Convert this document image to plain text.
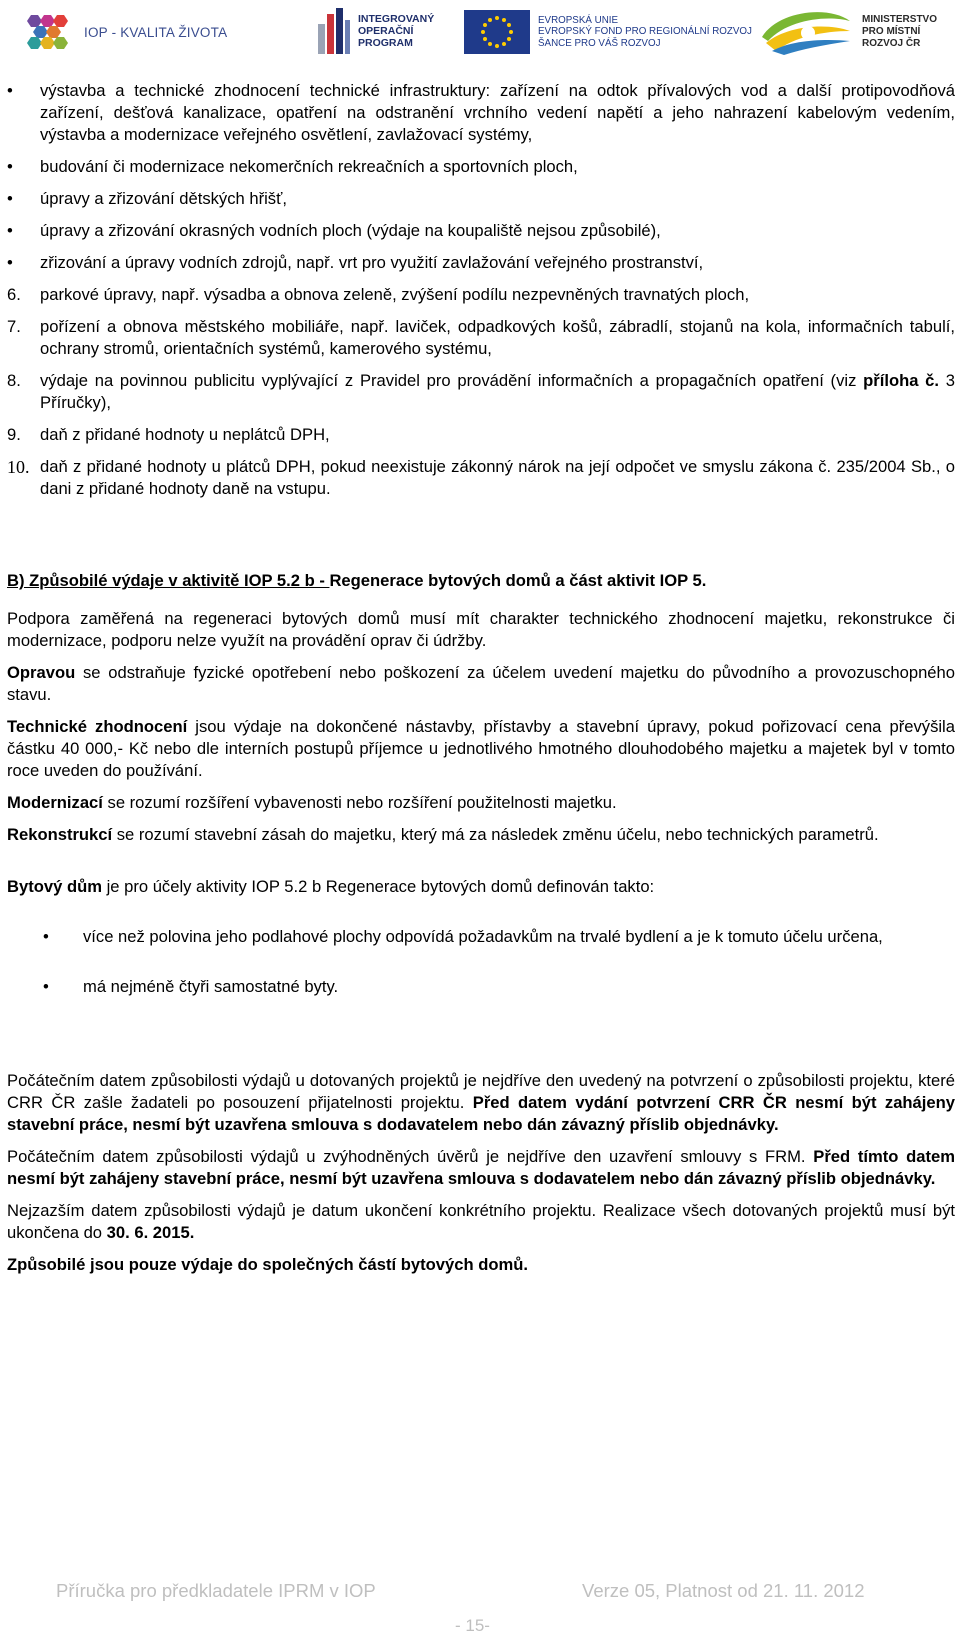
IOP - KVALITA ŽIVOTA
INTEGROVANÝ
OPERAČNÍ
PROGRAM
EVROPSKÁ UNIE
EVROPSKÝ FOND PRO REGIONÁLNÍ ROZVOJ
ŠANCE PRO VÁŠ ROZVOJ
MINISTERSTVO
PRO MÍSTNÍ
ROZVOJ ČR
•	výstavba a technické zhodnocení technické infrastruktury: zařízení na odtok přívalových vod a další protipovodňová zařízení, dešťová kanalizace, opatření na odstranění vrchního vedení napětí a jeho nahrazení kabelovým vedením, výstavba a modernizace veřejného osvětlení, zavlažovací systémy,
•	budování či modernizace nekomerčních rekreačních a sportovních ploch,
•	úpravy a zřizování dětských hřišť,
•	úpravy a zřizování okrasných vodních ploch (výdaje na koupaliště nejsou způsobilé),
•	zřizování a úpravy vodních zdrojů, např. vrt pro využití zavlažování veřejného prostranství,
6.	parkové úpravy, např. výsadba a obnova zeleně, zvýšení podílu nezpevněných travnatých ploch,
7.	pořízení a obnova městského mobiliáře, např. laviček, odpadkových košů, zábradlí, stojanů na kola, informačních tabulí, ochrany stromů, orientačních systémů, kamerového systému,
8.	výdaje na povinnou publicitu vyplývající z Pravidel pro provádění informačních a propagačních opatření (viz příloha č. 3 Příručky),
9.	daň z přidané hodnoty u neplátců DPH,
10. daň z přidané hodnoty u plátců DPH, pokud neexistuje zákonný nárok na její odpočet ve smyslu zákona č. 235/2004 Sb., o dani z přidané hodnoty daně na vstupu.

B) Způsobilé výdaje v aktivitě IOP 5.2 b - Regenerace bytových domů a část aktivit IOP 5.

Podpora zaměřená na regeneraci bytových domů musí mít charakter technického zhodnocení majetku, rekonstrukce či modernizace, podporu nelze využít na provádění oprav či údržby.

Opravou se odstraňuje fyzické opotřebení nebo poškození za účelem uvedení majetku do původního a provozuschopného stavu.

Technické zhodnocení jsou výdaje na dokončené nástavby, přístavby a stavební úpravy, pokud pořizovací cena převýšila částku 40 000,- Kč nebo dle interních postupů příjemce u jednotlivého hmotného dlouhodobého majetku a majetek byl v tomto roce uveden do používání.

Modernizací se rozumí rozšíření vybavenosti nebo rozšíření použitelnosti majetku.

Rekonstrukcí se rozumí stavební zásah do majetku, který má za následek změnu účelu, nebo technických parametrů.

Bytový dům je pro účely aktivity IOP 5.2 b Regenerace bytových domů definován takto:

• více než polovina jeho podlahové plochy odpovídá požadavkům na trvalé bydlení a je k tomuto účelu určena,
• má nejméně čtyři samostatné byty.

Počátečním datem způsobilosti výdajů u dotovaných projektů je nejdříve den uvedený na potvrzení o způsobilosti projektu, které CRR ČR zašle žadateli po posouzení přijatelnosti projektu. Před datem vydání potvrzení CRR ČR nesmí být zahájeny stavební práce, nesmí být uzavřena smlouva s dodavatelem nebo dán závazný příslib objednávky.

Počátečním datem způsobilosti výdajů u zvýhodněných úvěrů je nejdříve den uzavření smlouvy s FRM. Před tímto datem nesmí být zahájeny stavební práce, nesmí být uzavřena smlouva s dodavatelem nebo dán závazný příslib objednávky.

Nejzazším datem způsobilosti výdajů je datum ukončení konkrétního projektu. Realizace všech dotovaných projektů musí být ukončena do 30. 6. 2015.

Způsobilé jsou pouze výdaje do společných částí bytových domů.

Příručka pro předkladatele IPRM v IOP	Verze 05, Platnost od 21. 11. 2012
- 15-
